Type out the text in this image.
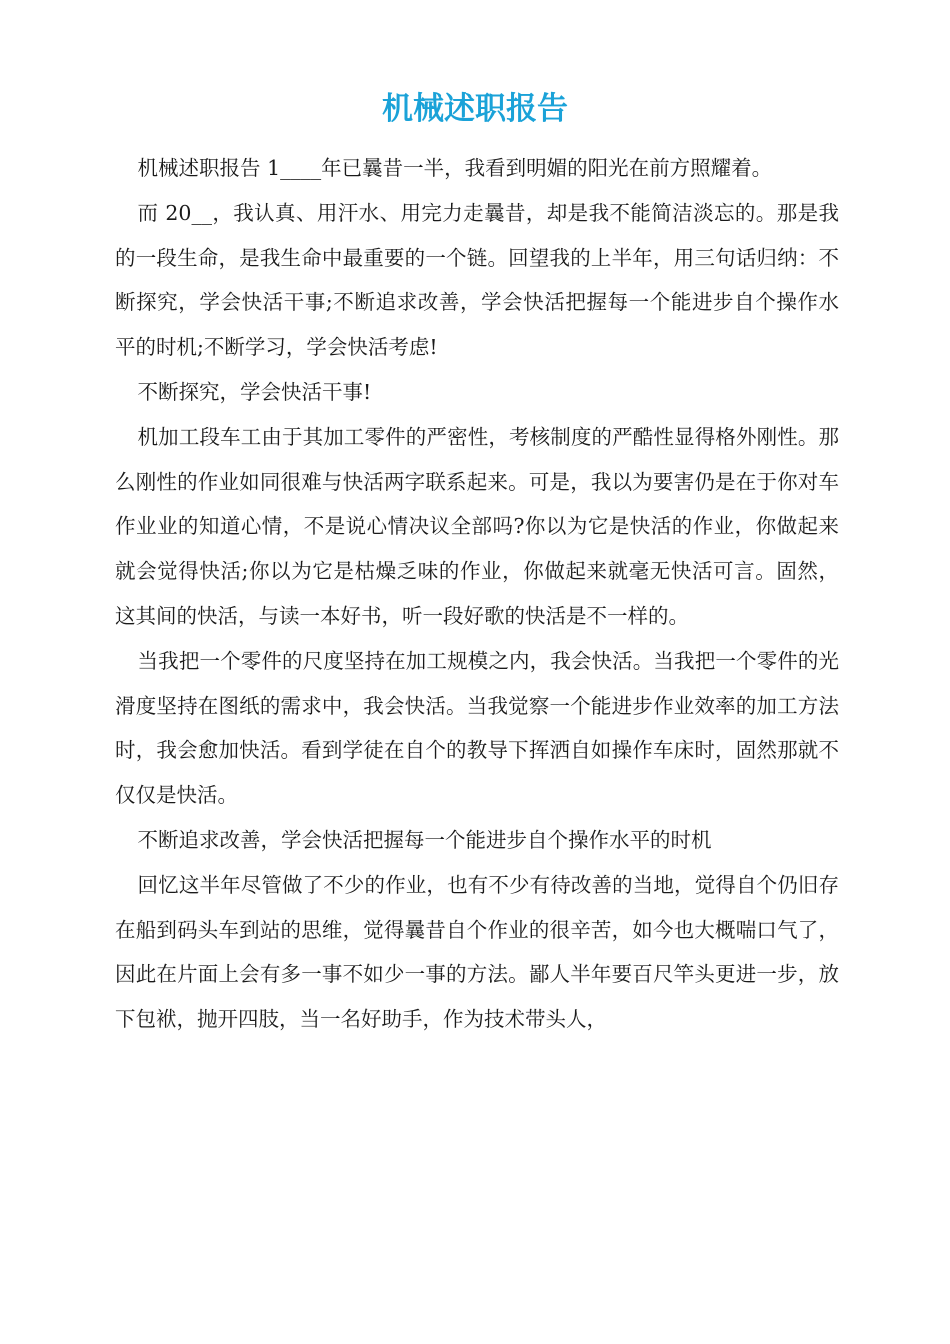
机械述职报告

机械述职报告 1____年已曩昔一半，我看到明媚的阳光在前方照耀着。

而 20__，我认真、用汗水、用完力走曩昔，却是我不能简洁淡忘的。那是我的一段生命，是我生命中最重要的一个链。回望我的上半年，用三句话归纳：不断探究，学会快活干事;不断追求改善，学会快活把握每一个能进步自个操作水平的时机;不断学习，学会快活考虑!

不断探究，学会快活干事!

机加工段车工由于其加工零件的严密性，考核制度的严酷性显得格外刚性。那么刚性的作业如同很难与快活两字联系起来。可是，我以为要害仍是在于你对车作业业的知道心情，不是说心情决议全部吗?你以为它是快活的作业，你做起来就会觉得快活;你以为它是枯燥乏味的作业，你做起来就毫无快活可言。固然，这其间的快活，与读一本好书，听一段好歌的快活是不一样的。

当我把一个零件的尺度坚持在加工规模之内，我会快活。当我把一个零件的光滑度坚持在图纸的需求中，我会快活。当我觉察一个能进步作业效率的加工方法时，我会愈加快活。看到学徒在自个的教导下挥洒自如操作车床时，固然那就不仅仅是快活。

不断追求改善，学会快活把握每一个能进步自个操作水平的时机

回忆这半年尽管做了不少的作业，也有不少有待改善的当地，觉得自个仍旧存在船到码头车到站的思维，觉得曩昔自个作业的很辛苦，如今也大概喘口气了，因此在片面上会有多一事不如少一事的方法。鄙人半年要百尺竿头更进一步，放下包袱，抛开四肢，当一名好助手，作为技术带头人，
